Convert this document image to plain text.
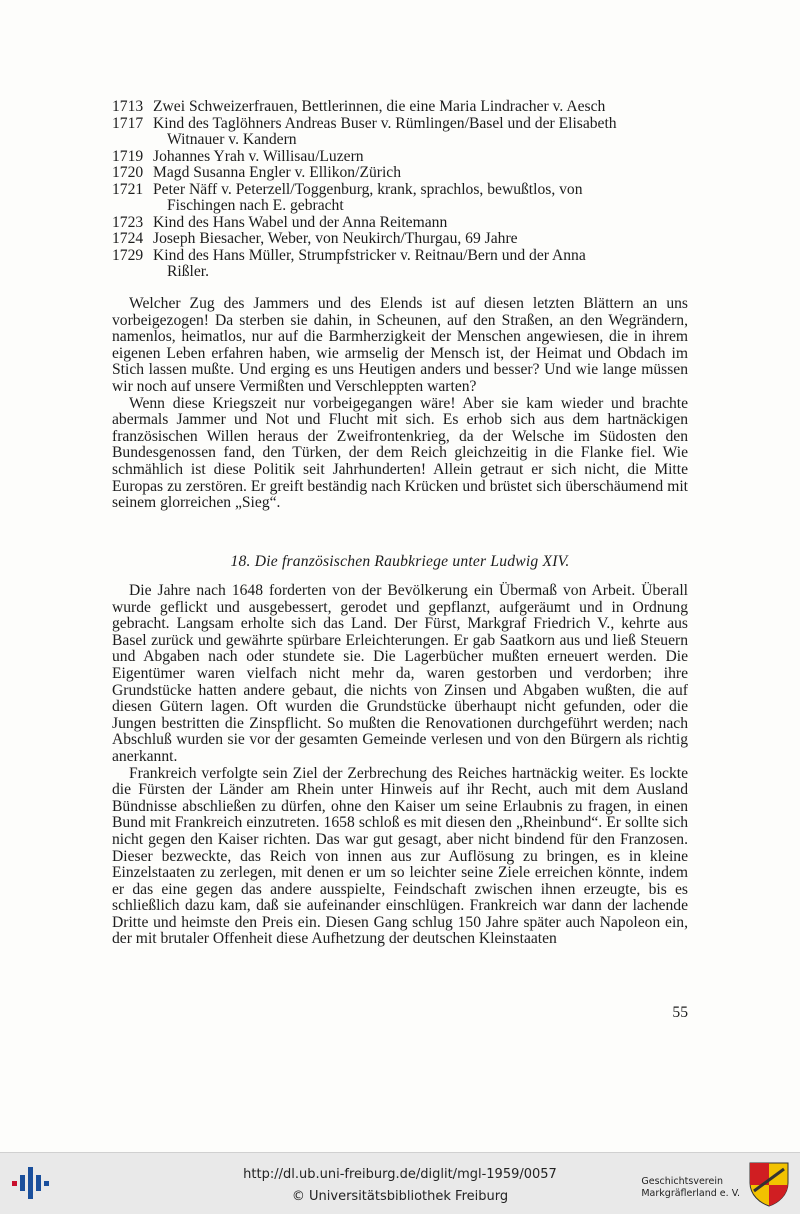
1713 Zwei Schweizerfrauen, Bettlerinnen, die eine Maria Lindracher v. Aesch
1717 Kind des Taglöhners Andreas Buser v. Rümlingen/Basel und der Elisabeth
Witnauer v. Kandern
1719 Johannes Yrah v. Willisau/Luzern
1720 Magd Susanna Engler v. Ellikon/Zürich
1721 Peter Näff v. Peterzell/Toggenburg, krank, sprachlos, bewußtlos, von
Fischingen nach E. gebracht
1723 Kind des Hans Wabel und der Anna Reitemann
1724 Joseph Biesacher, Weber, von Neukirch/Thurgau, 69 Jahre
1729 Kind des Hans Müller, Strumpfstricker v. Reitnau/Bern und der Anna
Rißler.

Welcher Zug des Jammers und des Elends ist auf diesen letzten Blättern an uns vorbeigezogen! Da sterben sie dahin, in Scheunen, auf den Straßen, an den Wegrändern, namenlos, heimatlos, nur auf die Barmherzigkeit der Menschen angewiesen, die in ihrem eigenen Leben erfahren haben, wie armselig der Mensch ist, der Heimat und Obdach im Stich lassen mußte. Und erging es uns Heutigen anders und besser? Und wie lange müssen wir noch auf unsere Vermißten und Verschleppten warten?

Wenn diese Kriegszeit nur vorbeigegangen wäre! Aber sie kam wieder und brachte abermals Jammer und Not und Flucht mit sich. Es erhob sich aus dem hartnäckigen französischen Willen heraus der Zweifrontenkrieg, da der Welsche im Südosten den Bundesgenossen fand, den Türken, der dem Reich gleichzeitig in die Flanke fiel. Wie schmählich ist diese Politik seit Jahrhunderten! Allein getraut er sich nicht, die Mitte Europas zu zerstören. Er greift beständig nach Krücken und brüstet sich überschäumend mit seinem glorreichen „Sieg“.

18. Die französischen Raubkriege unter Ludwig XIV.

Die Jahre nach 1648 forderten von der Bevölkerung ein Übermaß von Arbeit. Überall wurde geflickt und ausgebessert, gerodet und gepflanzt, aufgeräumt und in Ordnung gebracht. Langsam erholte sich das Land. Der Fürst, Markgraf Friedrich V., kehrte aus Basel zurück und gewährte spürbare Erleichterungen. Er gab Saatkorn aus und ließ Steuern und Abgaben nach oder stundete sie. Die Lagerbücher mußten erneuert werden. Die Eigentümer waren vielfach nicht mehr da, waren gestorben und verdorben; ihre Grundstücke hatten andere gebaut, die nichts von Zinsen und Abgaben wußten, die auf diesen Gütern lagen. Oft wurden die Grundstücke überhaupt nicht gefunden, oder die Jungen bestritten die Zinspflicht. So mußten die Renovationen durchgeführt werden; nach Abschluß wurden sie vor der gesamten Gemeinde verlesen und von den Bürgern als richtig anerkannt.

Frankreich verfolgte sein Ziel der Zerbrechung des Reiches hartnäckig weiter. Es lockte die Fürsten der Länder am Rhein unter Hinweis auf ihr Recht, auch mit dem Ausland Bündnisse abschließen zu dürfen, ohne den Kaiser um seine Erlaubnis zu fragen, in einen Bund mit Frankreich einzutreten. 1658 schloß es mit diesen den „Rheinbund“. Er sollte sich nicht gegen den Kaiser richten. Das war gut gesagt, aber nicht bindend für den Franzosen. Dieser bezweckte, das Reich von innen aus zur Auflösung zu bringen, es in kleine Einzelstaaten zu zerlegen, mit denen er um so leichter seine Ziele erreichen könnte, indem er das eine gegen das andere ausspielte, Feindschaft zwischen ihnen erzeugte, bis es schließlich dazu kam, daß sie aufeinander einschlügen. Frankreich war dann der lachende Dritte und heimste den Preis ein. Diesen Gang schlug 150 Jahre später auch Napoleon ein, der mit brutaler Offenheit diese Aufhetzung der deutschen Kleinstaaten

55
http://dl.ub.uni-freiburg.de/diglit/mgl-1959/0057
© Universitätsbibliothek Freiburg
Geschichtsverein
Markgräflerland e. V.
